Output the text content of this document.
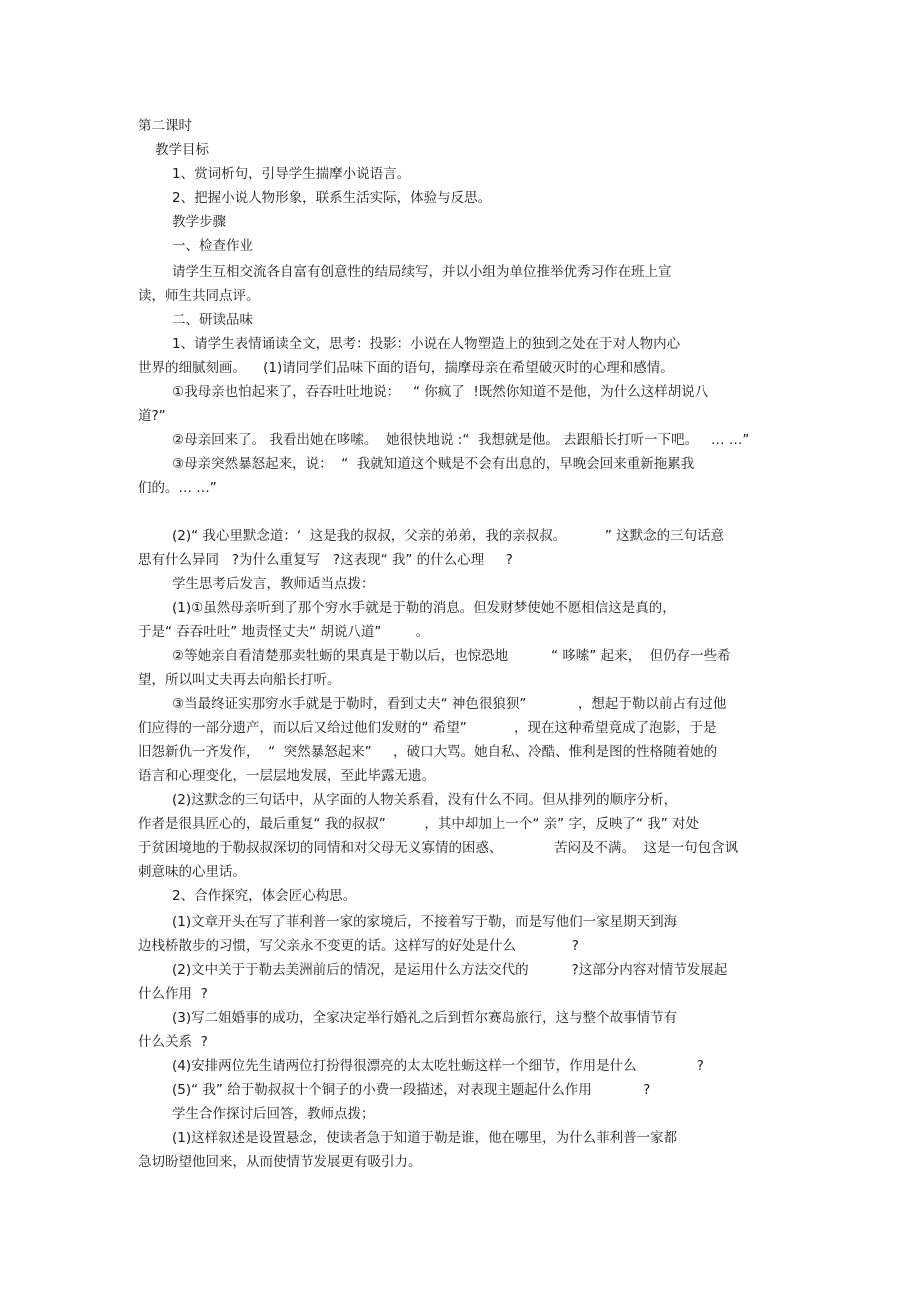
第二课时
教学目标
1、赏词析句，引导学生揣摩小说语言。
2、把握小说人物形象，联系生活实际，体验与反思。
教学步骤
一、检查作业
请学生互相交流各自富有创意性的结局续写，并以小组为单位推举优秀习作在班上宣
读，师生共同点评。
二、研读品味
1、请学生表情诵读全文，思考：投影：小说在人物塑造上的独到之处在于对人物内心
世界的细腻刻画。    (1)请同学们品味下面的语句，揣摩母亲在希望破灭时的心理和感情。
①我母亲也怕起来了，吞吞吐吐地说：   “ 你疯了  !既然你知道不是他，为什么这样胡说八
道?”
②母亲回来了。 我看出她在哆嗦。  她很快地说 :“  我想就是他。 去跟船长打听一下吧。   … …”
③母亲突然暴怒起来，说：  “  我就知道这个贼是不会有出息的，早晚会回来重新拖累我
们的。… …”
(2)“ 我心里默念道：‘  这是我的叔叔，父亲的弟弟，我的亲叔叔。         ” 这默念的三句话意
思有什么异同   ?为什么重复写   ?这表现“ 我” 的什么心理     ?
学生思考后发言，教师适当点拨：
(1)①虽然母亲听到了那个穷水手就是于勒的消息。但发财梦使她不愿相信这是真的，
于是“ 吞吞吐吐” 地责怪丈夫“ 胡说八道”        。
②等她亲自看清楚那卖牡蛎的果真是于勒以后，也惊恐地          “ 哆嗦” 起来，  但仍存一些希
望，所以叫丈夫再去向船长打听。
③当最终证实那穷水手就是于勒时，看到丈夫“ 神色很狼狈”            ，想起于勒以前占有过他
们应得的一部分遗产，而以后又给过他们发财的“ 希望”           ，现在这种希望竟成了泡影，于是
旧怨新仇一齐发作，  “  突然暴怒起来”     ，破口大骂。她自私、冷酷、惟利是图的性格随着她的
语言和心理变化，一层层地发展，至此毕露无遗。
(2)这默念的三句话中，从字面的人物关系看，没有什么不同。但从排列的顺序分析，
作者是很具匠心的，最后重复“ 我的叔叔”         ，其中却加上一个“ 亲” 字，反映了“ 我” 对处
于贫困境地的于勒叔叔深切的同情和对父母无义寡情的困惑、            苦闷及不满。  这是一句包含讽
刺意味的心里话。
2、合作探究，体会匠心构思。
(1)文章开头在写了菲利普一家的家境后，不接着写于勒，而是写他们一家星期天到海
边栈桥散步的习惯，写父亲永不变更的话。这样写的好处是什么             ?
(2)文中关于于勒去美洲前后的情况，是运用什么方法交代的          ?这部分内容对情节发展起
什么作用  ?
(3)写二姐婚事的成功，全家决定举行婚礼之后到哲尔赛岛旅行，这与整个故事情节有
什么关系  ?
(4)安排两位先生请两位打扮得很漂亮的太太吃牡蛎这样一个细节，作用是什么              ?
(5)“ 我” 给于勒叔叔十个铜子的小费一段描述，对表现主题起什么作用            ?
学生合作探讨后回答，教师点拨；
(1)这样叙述是设置悬念，使读者急于知道于勒是谁，他在哪里，为什么菲利普一家都
急切盼望他回来，从而使情节发展更有吸引力。
